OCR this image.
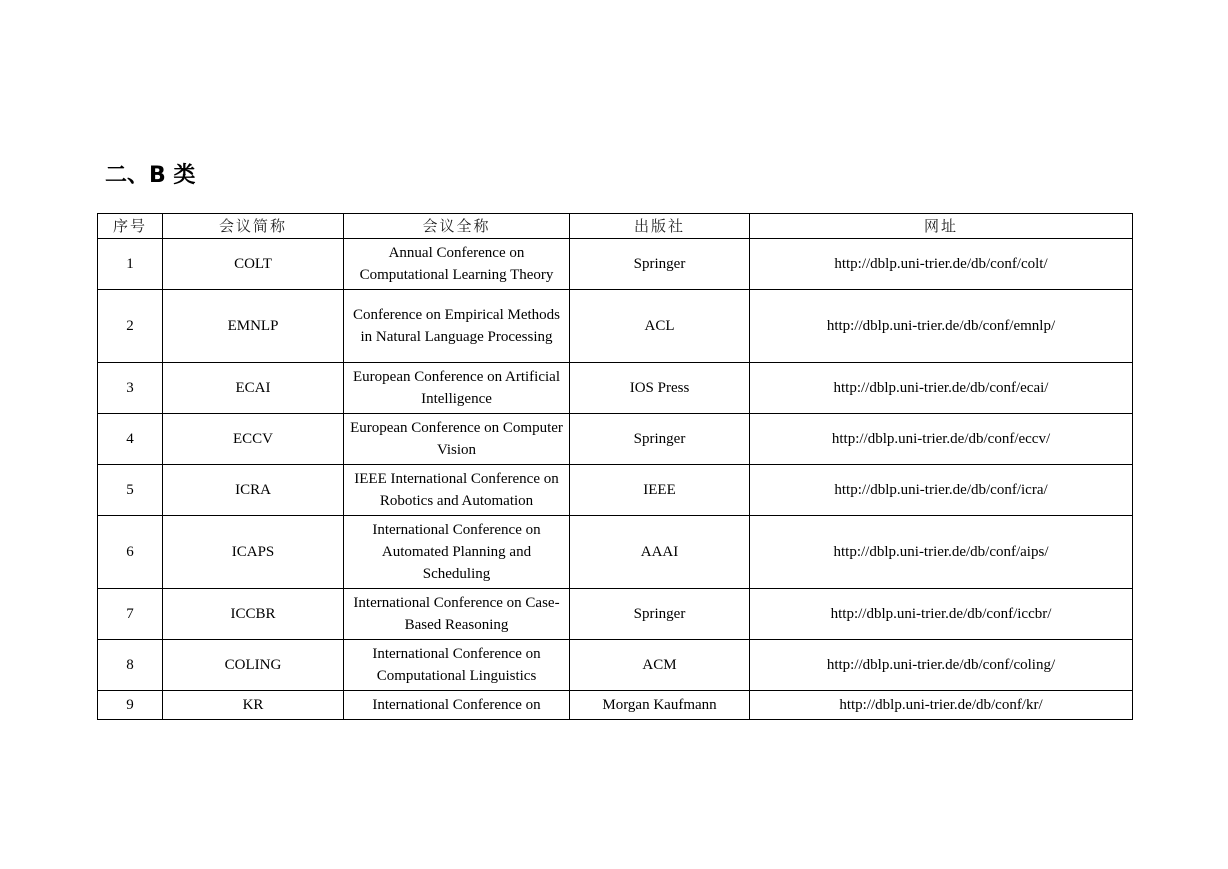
二、B 类
序号	会议简称	会议全称	出版社	网址
1	COLT	Annual Conference on Computational Learning Theory	Springer	http://dblp.uni-trier.de/db/conf/colt/
2	EMNLP	Conference on Empirical Methods in Natural Language Processing	ACL	http://dblp.uni-trier.de/db/conf/emnlp/
3	ECAI	European Conference on Artificial Intelligence	IOS Press	http://dblp.uni-trier.de/db/conf/ecai/
4	ECCV	European Conference on Computer Vision	Springer	http://dblp.uni-trier.de/db/conf/eccv/
5	ICRA	IEEE International Conference on Robotics and Automation	IEEE	http://dblp.uni-trier.de/db/conf/icra/
6	ICAPS	International Conference on Automated Planning and Scheduling	AAAI	http://dblp.uni-trier.de/db/conf/aips/
7	ICCBR	International Conference on Case-Based Reasoning	Springer	http://dblp.uni-trier.de/db/conf/iccbr/
8	COLING	International Conference on Computational Linguistics	ACM	http://dblp.uni-trier.de/db/conf/coling/
9	KR	International Conference on	Morgan Kaufmann	http://dblp.uni-trier.de/db/conf/kr/
